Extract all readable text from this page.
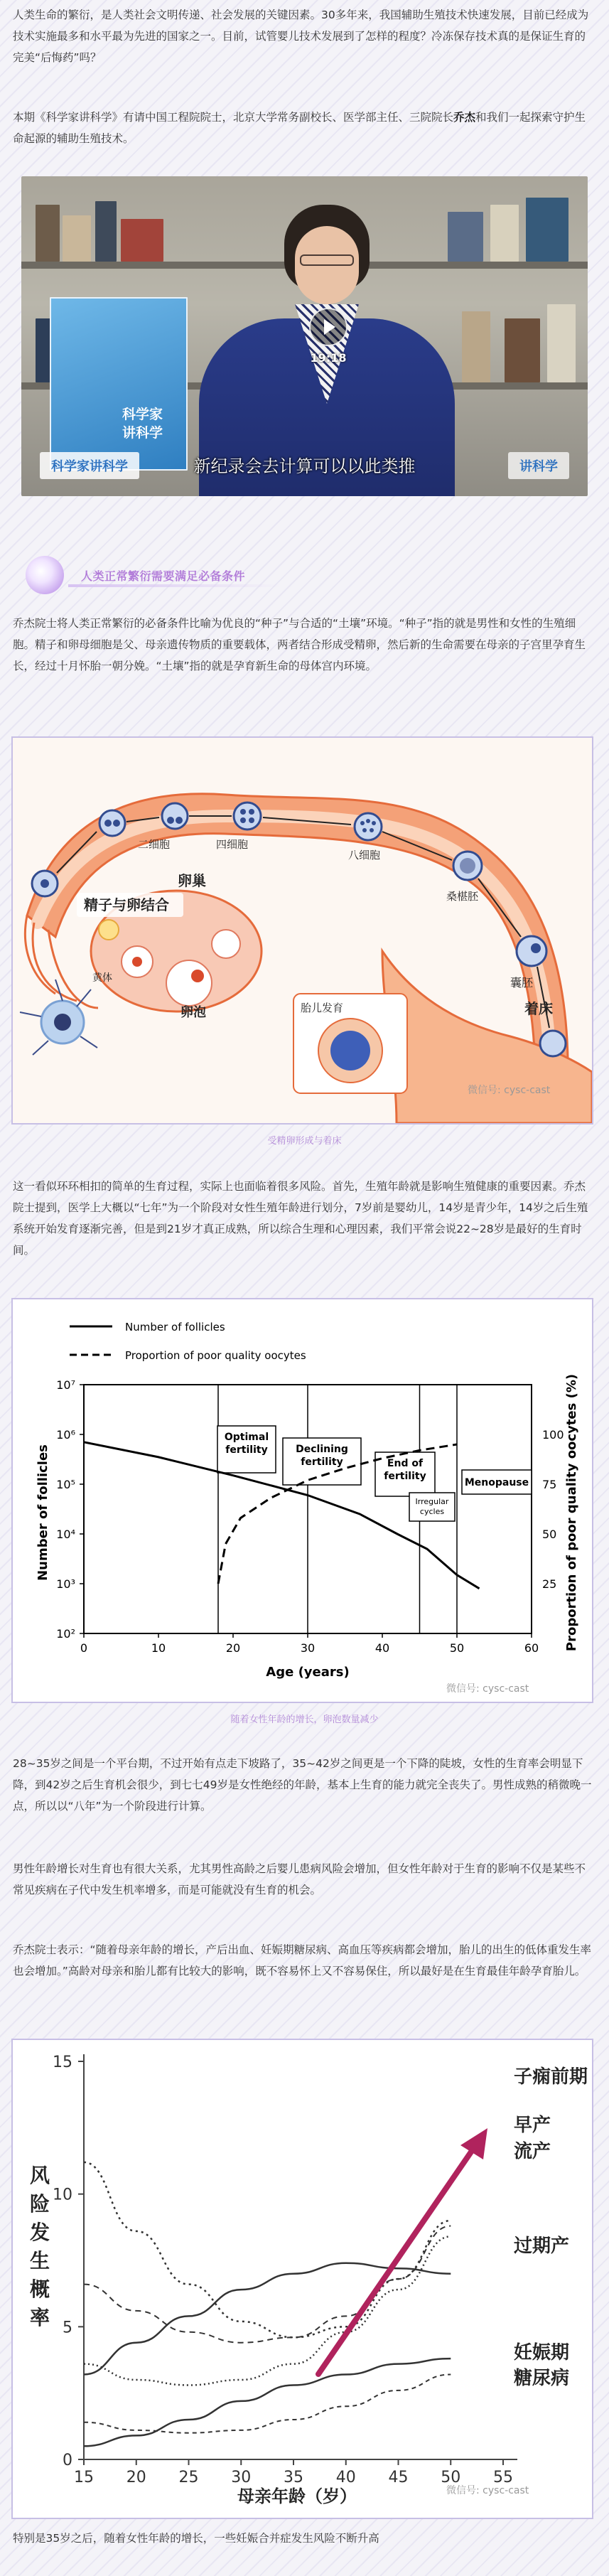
人类生命的繁衍，是人类社会文明传递、社会发展的关键因素。30多年来，我国辅助生殖技术快速发展，目前已经成为技术实施最多和水平最为先进的国家之一。目前，试管婴儿技术发展到了怎样的程度？冷冻保存技术真的是保证生育的完美“后悔药”吗？

本期《科学家讲科学》有请中国工程院院士，北京大学常务副校长、医学部主任、三院院长乔杰和我们一起探索守护生命起源的辅助生殖技术。

科学家
讲科学
19:18
科学家讲科学	讲科学
新纪录会去计算可以以此类推
人类正常繁衍需要满足必备条件

乔杰院士将人类正常繁衍的必备条件比喻为优良的“种子”与合适的“土壤”环境。“种子”指的就是男性和女性的生殖细胞。精子和卵母细胞是父、母亲遗传物质的重要载体，两者结合形成受精卵，然后新的生命需要在母亲的子宫里孕育生长，经过十月怀胎一朝分娩。“土壤”指的就是孕育新生命的母体宫内环境。

精子与卵结合
卵巢
卵泡
黄体
二细胞	四细胞
八细胞
桑椹胚
囊胚
着床
胎儿发育
微信号: cysc-cast
受精卵形成与着床

这一看似环环相扣的简单的生育过程，实际上也面临着很多风险。首先，生殖年龄就是影响生殖健康的重要因素。乔杰院士提到，医学上大概以“七年”为一个阶段对女性生殖年龄进行划分，7岁前是婴幼儿，14岁是青少年，14岁之后生殖系统开始发育逐渐完善，但是到21岁才真正成熟，所以综合生理和心理因素，我们平常会说22~28岁是最好的生育时间。

Number of follicles
Proportion of poor quality oocytes
10⁷
10⁶
10⁵
10⁴
10³
10²
0	10	20	30	40	50	60
100
75
50
25
Optimal
fertility	Declining
fertility	End of
fertility
Irregular
cycles
Menopause
Number of follicles	Proportion of poor quality oocytes (%)
Age (years)
微信号: cysc-cast
随着女性年龄的增长，卵泡数量减少

28~35岁之间是一个平台期，不过开始有点走下坡路了，35~42岁之间更是一个下降的陡坡，女性的生育率会明显下降，到42岁之后生育机会很少，到七七49岁是女性绝经的年龄，基本上生育的能力就完全丧失了。男性成熟的稍微晚一点，所以以“八年”为一个阶段进行计算。

男性年龄增长对生育也有很大关系，尤其男性高龄之后婴儿患病风险会增加，但女性年龄对于生育的影响不仅是某些不常见疾病在子代中发生机率增多，而是可能就没有生育的机会。

乔杰院士表示：“随着母亲年龄的增长，产后出血、妊娠期糖尿病、高血压等疾病都会增加，胎儿的出生的低体重发生率也会增加。”高龄对母亲和胎儿都有比较大的影响，既不容易怀上又不容易保住，所以最好是在生育最佳年龄孕育胎儿。

0
5
10
15
15 20 25 30 35 40 45 50 55
风
险
发
生
概
率
子痫前期
早产
流产
过期产
妊娠期
糖尿病
母亲年龄（岁）	微信号: cysc-cast

特别是35岁之后，随着女性年龄的增长，一些妊娠合并症发生风险不断升高
